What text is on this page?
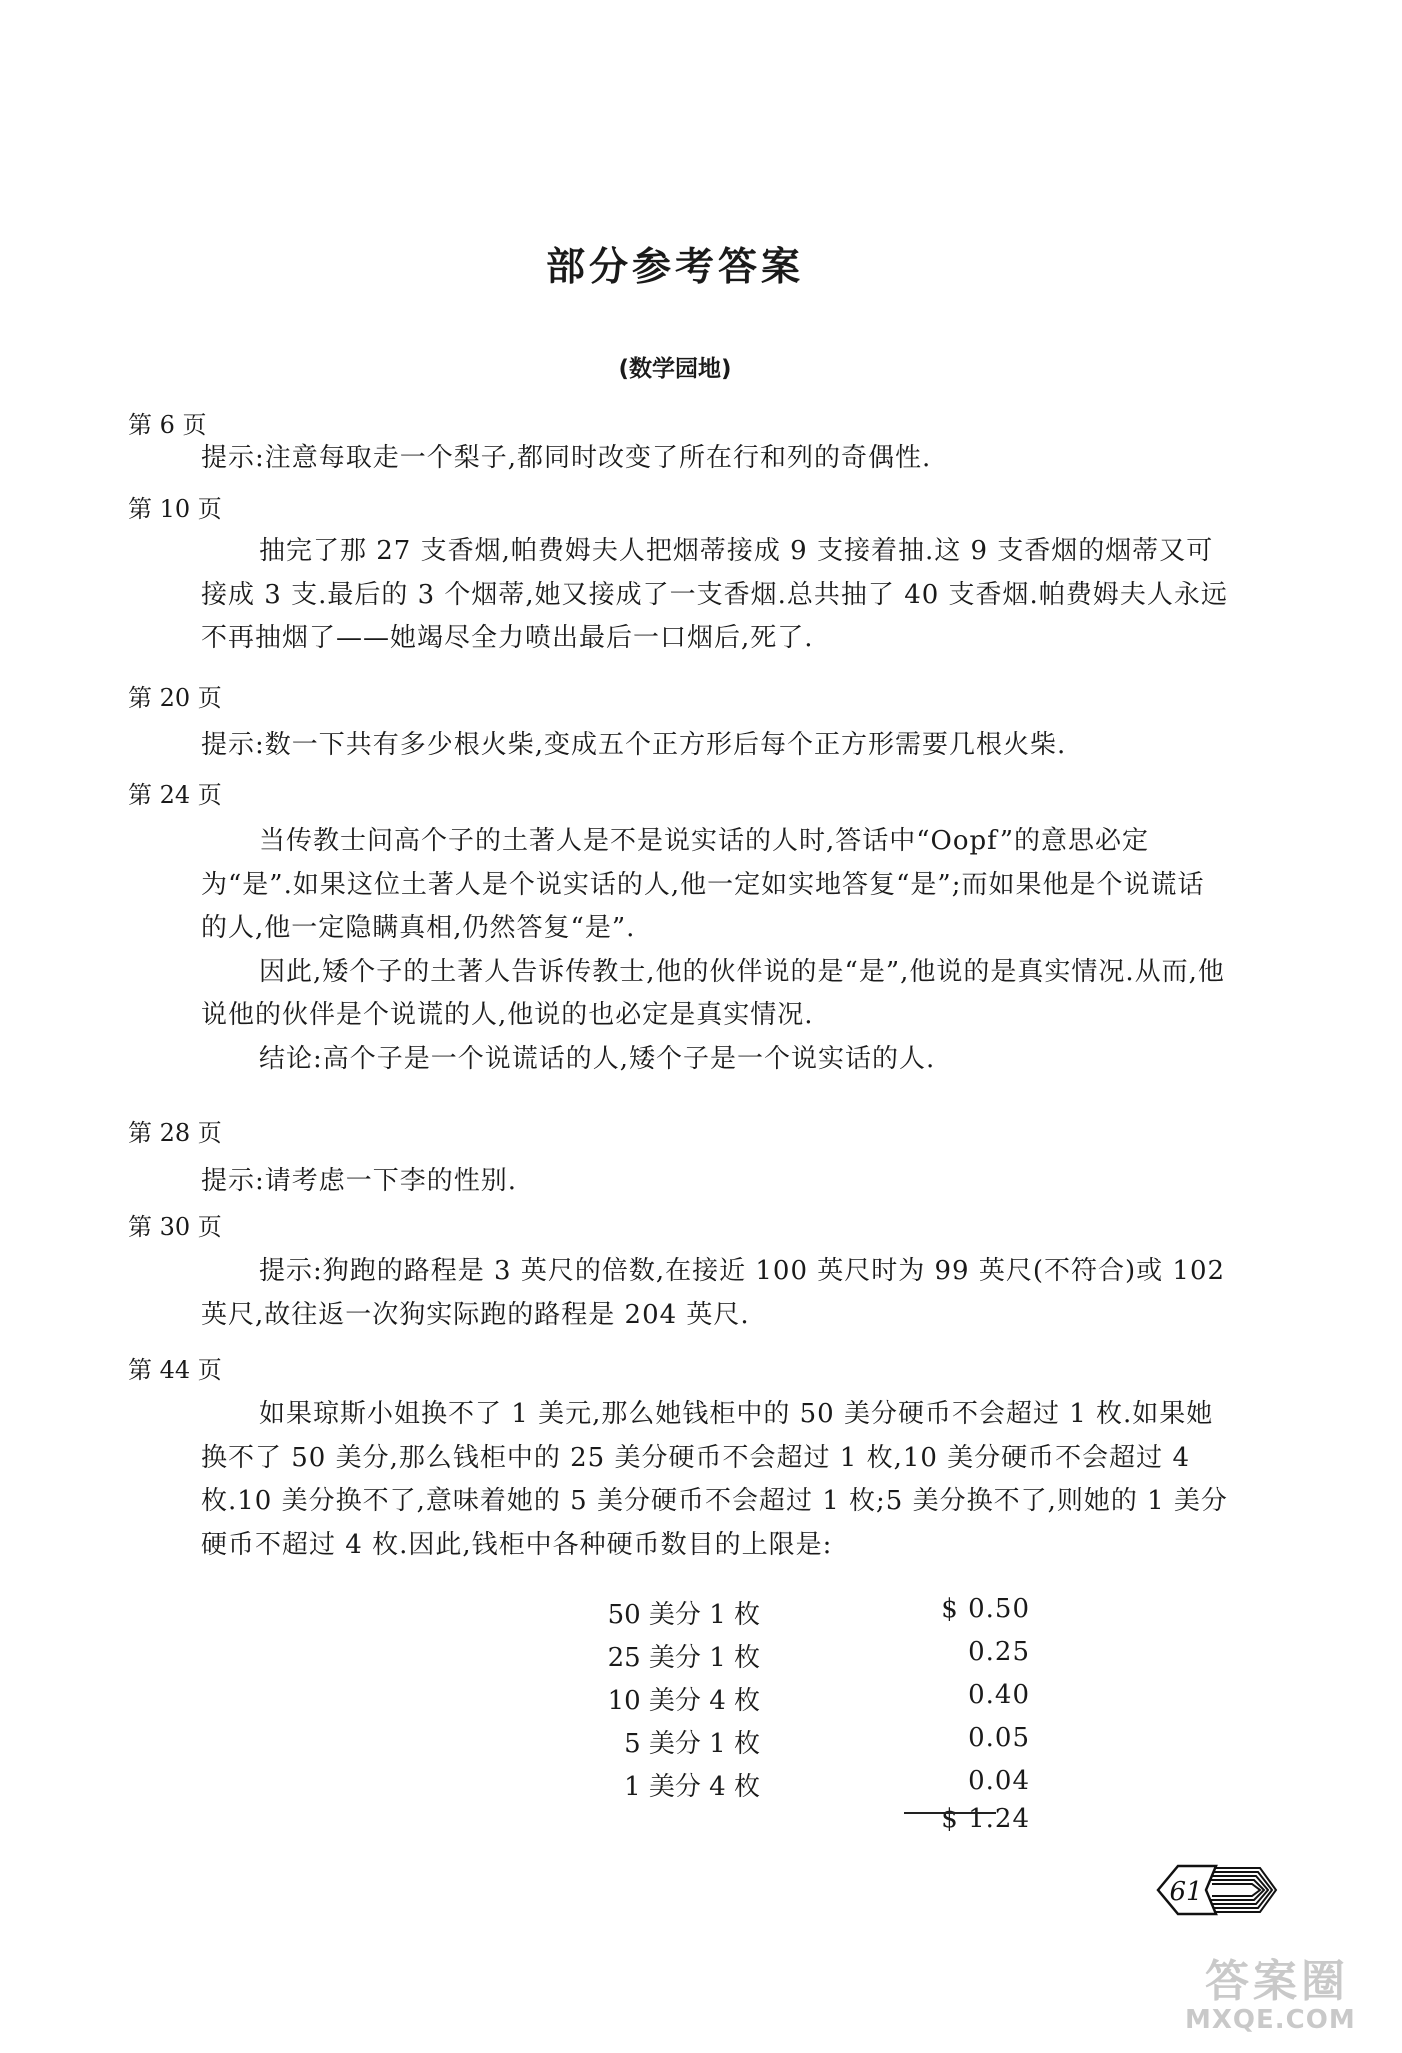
部分参考答案
(数学园地)
第 6 页
提示:注意每取走一个梨子,都同时改变了所在行和列的奇偶性.
第 10 页

抽完了那 27 支香烟,帕费姆夫人把烟蒂接成 9 支接着抽.这 9 支香烟的烟蒂又可接成 3 支.最后的 3 个烟蒂,她又接成了一支香烟.总共抽了 40 支香烟.帕费姆夫人永远不再抽烟了——她竭尽全力喷出最后一口烟后,死了.

第 20 页
提示:数一下共有多少根火柴,变成五个正方形后每个正方形需要几根火柴.
第 24 页

当传教士问高个子的土著人是不是说实话的人时,答话中“Oopf”的意思必定为“是”.如果这位土著人是个说实话的人,他一定如实地答复“是”;而如果他是个说谎话的人,他一定隐瞒真相,仍然答复“是”.

因此,矮个子的土著人告诉传教士,他的伙伴说的是“是”,他说的是真实情况.从而,他说他的伙伴是个说谎的人,他说的也必定是真实情况.

结论:高个子是一个说谎话的人,矮个子是一个说实话的人.

第 28 页
提示:请考虑一下李的性别.
第 30 页

提示:狗跑的路程是 3 英尺的倍数,在接近 100 英尺时为 99 英尺(不符合)或 102 英尺,故往返一次狗实际跑的路程是 204 英尺.

第 44 页

如果琼斯小姐换不了 1 美元,那么她钱柜中的 50 美分硬币不会超过 1 枚.如果她换不了 50 美分,那么钱柜中的 25 美分硬币不会超过 1 枚,10 美分硬币不会超过 4 枚.10 美分换不了,意味着她的 5 美分硬币不会超过 1 枚;5 美分换不了,则她的 1 美分硬币不超过 4 枚.因此,钱柜中各种硬币数目的上限是:

50 美分 1 枚	$ 0.50
25 美分 1 枚	0.25
10 美分 4 枚	0.40
5 美分 1 枚	0.05
1 美分 4 枚	0.04
$ 1.24
61
答案圈
MXQE.COM
